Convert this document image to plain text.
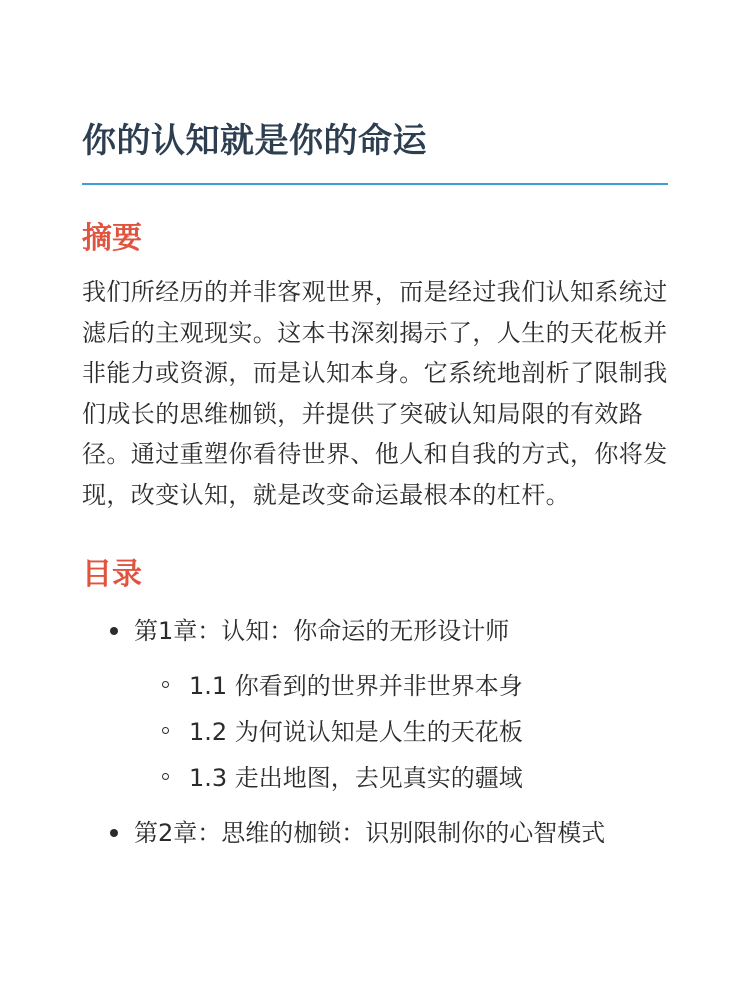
你的认知就是你的命运
摘要

我们所经历的并非客观世界，而是经过我们认知系统过滤后的主观现实。这本书深刻揭示了，人生的天花板并非能力或资源，而是认知本身。它系统地剖析了限制我们成长的思维枷锁，并提供了突破认知局限的有效路径。通过重塑你看待世界、他人和自我的方式，你将发现，改变认知，就是改变命运最根本的杠杆。

目录
第1章：认知：你命运的无形设计师
1.1 你看到的世界并非世界本身
1.2 为何说认知是人生的天花板
1.3 走出地图，去见真实的疆域
第2章：思维的枷锁：识别限制你的心智模式
